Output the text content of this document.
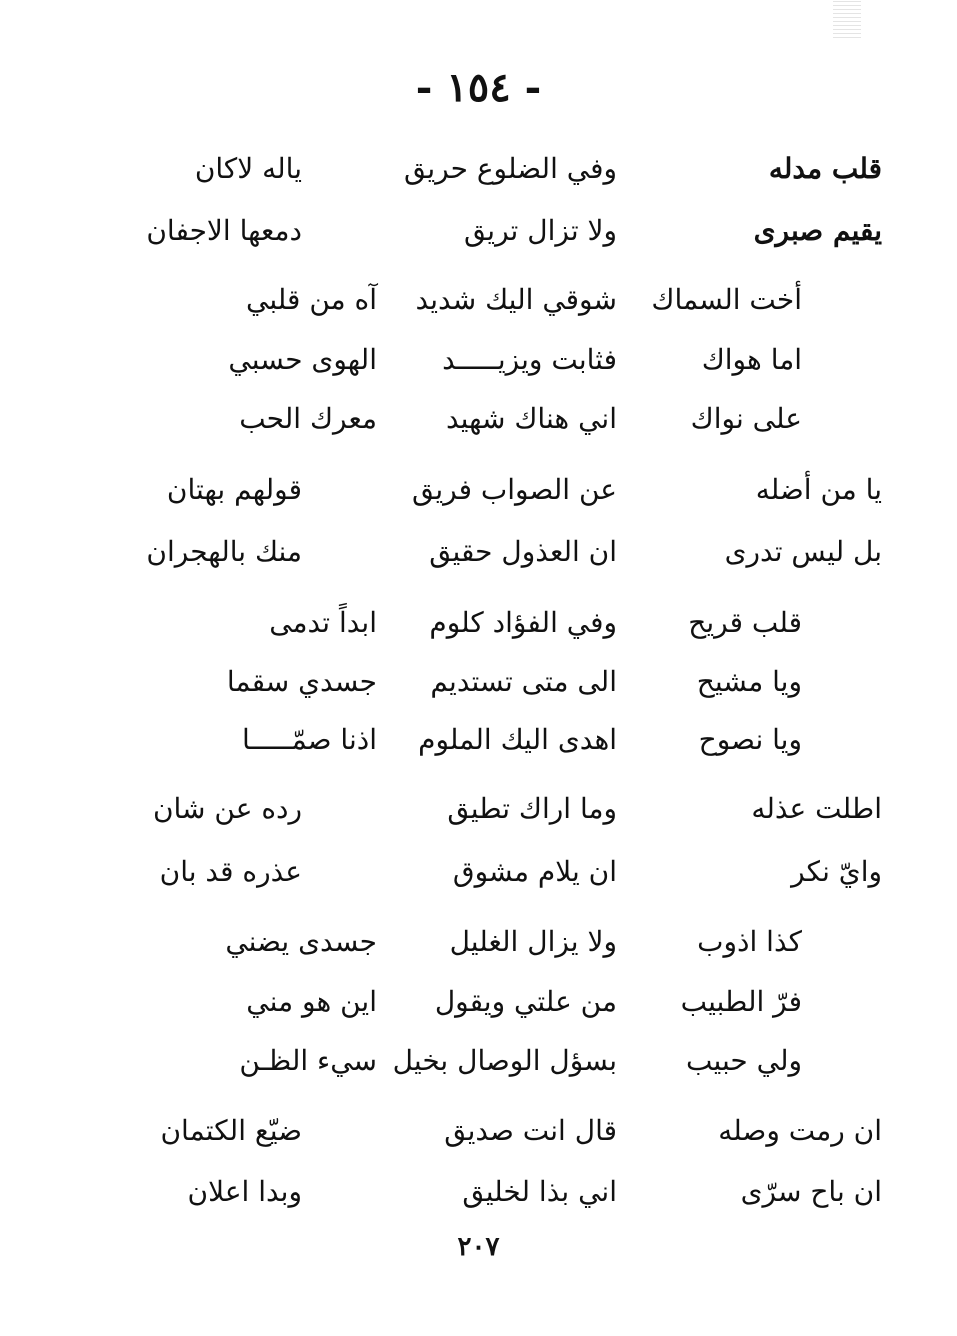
- ١٥٤ -
قلب مدله
وفي الضلوع حريق
ياله لاكان
يقيم صبرى
ولا تزال تريق
دمعها الاجفان
أخت السماك
شوقي اليك شديد
آه من قلبي
اما هواك
فثابت ويزيـــــد
الهوى حسبي
على نواك
اني هناك شهيد
معرك الحب
يا من أضله
عن الصواب فريق
قولهم بهتان
بل ليس تدرى
ان العذول حقيق
منك بالهجران
قلب قريح
وفي الفؤاد كلوم
ابداً تدمى
ويا مشيح
الى متى تستديم
جسدي سقما
ويا نصوح
اهدى اليك الملوم
اذنا صمّـــــا
اطلت عذله
وما اراك تطيق
رده عن شان
وايّ نكر
ان يلام مشوق
عذره قد بان
كذا اذوب
ولا يزال الغليل
جسدى يضني
فرّ الطبيب
من علتي ويقول
اين هو مني
ولي حبيب
بسؤل الوصال بخيل
سيء الظـن
ان رمت وصله
قال انت صديق
ضيّع الكتمان
ان باح سرّى
اني بذا لخليق
وبدا اعلان
٢٠٧
